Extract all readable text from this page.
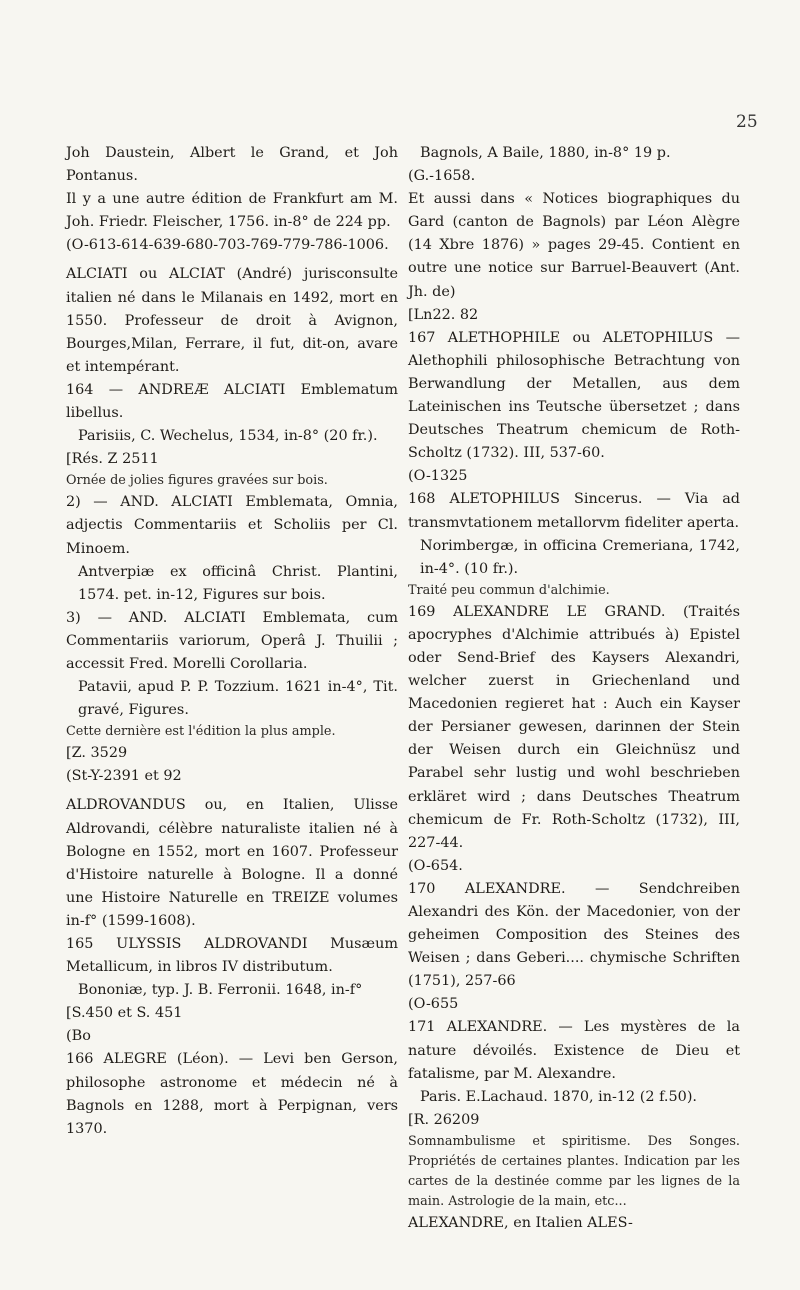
25

Joh Daustein, Albert le Grand, et Joh Pontanus.

Il y a une autre édition de Frankfurt am M. Joh. Friedr. Fleischer, 1756. in-8° de 224 pp.

(O-613-614-639-680-703-769-779-786-1006.

ALCIATI ou ALCIAT (André) jurisconsulte italien né dans le Milanais en 1492, mort en 1550. Professeur de droit à Avignon, Bourges,Milan, Ferrare, il fut, dit-on, avare et intempérant.

164 — ANDREÆ ALCIATI Emblematum libellus.

Parisiis, C. Wechelus, 1534, in-8° (20 fr.).

[Rés. Z 2511

Ornée de jolies figures gravées sur bois.

2) — AND. ALCIATI Emblemata, Omnia, adjectis Commentariis et Scholiis per Cl. Minoem.

Antverpiæ ex officinâ Christ. Plantini, 1574. pet. in-12, Figures sur bois.

3) — AND. ALCIATI Emblemata, cum Commentariis variorum, Operâ J. Thuilii ; accessit Fred. Morelli Corollaria.

Patavii, apud P. P. Tozzium. 1621 in-4°, Tit. gravé, Figures.

Cette dernière est l'édition la plus ample.

[Z. 3529

(St-Y-2391 et 92

ALDROVANDUS ou, en Italien, Ulisse Aldrovandi, célèbre naturaliste italien né à Bologne en 1552, mort en 1607. Professeur d'Histoire naturelle à Bologne. Il a donné une Histoire Naturelle en TREIZE volumes in-f° (1599-1608).

165 ULYSSIS ALDROVANDI Musæum Metallicum, in libros IV distributum.

Bononiæ, typ. J. B. Ferronii. 1648, in-f°

[S.450 et S. 451

(Bo

166 ALEGRE (Léon). — Levi ben Gerson, philosophe astronome et médecin né à Bagnols en 1288, mort à Perpignan, vers 1370.

Bagnols, A Baile, 1880, in-8° 19 p.

(G.-1658.

Et aussi dans « Notices biographiques du Gard (canton de Bagnols) par Léon Alègre (14 Xbre 1876) » pages 29-45. Contient en outre une notice sur Barruel-Beauvert (Ant. Jh. de)

[Ln22. 82

167 ALETHOPHILE ou ALETOPHILUS — Alethophili philosophische Betrachtung von Berwandlung der Metallen, aus dem Lateinischen ins Teutsche übersetzet ; dans Deutsches Theatrum chemicum de Roth-Scholtz (1732). III, 537-60.

(O-1325

168 ALETOPHILUS Sincerus. — Via ad transmvtationem metallorvm fideliter aperta.

Norimbergæ, in officina Cremeriana, 1742, in-4°. (10 fr.).

Traité peu commun d'alchimie.

169 ALEXANDRE LE GRAND. (Traités apocryphes d'Alchimie attribués à) Epistel oder Send-Brief des Kaysers Alexandri, welcher zuerst in Griechenland und Macedonien regieret hat : Auch ein Kayser der Persianer gewesen, darinnen der Stein der Weisen durch ein Gleichnüsz und Parabel sehr lustig und wohl beschrieben erkläret wird ; dans Deutsches Theatrum chemicum de Fr. Roth-Scholtz (1732), III, 227-44.

(O-654.

170 ALEXANDRE. — Sendchreiben Alexandri des Kön. der Macedonier, von der geheimen Composition des Steines des Weisen ; dans Geberi.... chymische Schriften (1751), 257-66

(O-655

171 ALEXANDRE. — Les mystères de la nature dévoilés. Existence de Dieu et fatalisme, par M. Alexandre.

Paris. E.Lachaud. 1870, in-12 (2 f.50).

[R. 26209

Somnambulisme et spiritisme. Des Songes. Propriétés de certaines plantes. Indication par les cartes de la destinée comme par les lignes de la main. Astrologie de la main, etc...

ALEXANDRE, en Italien ALES-
